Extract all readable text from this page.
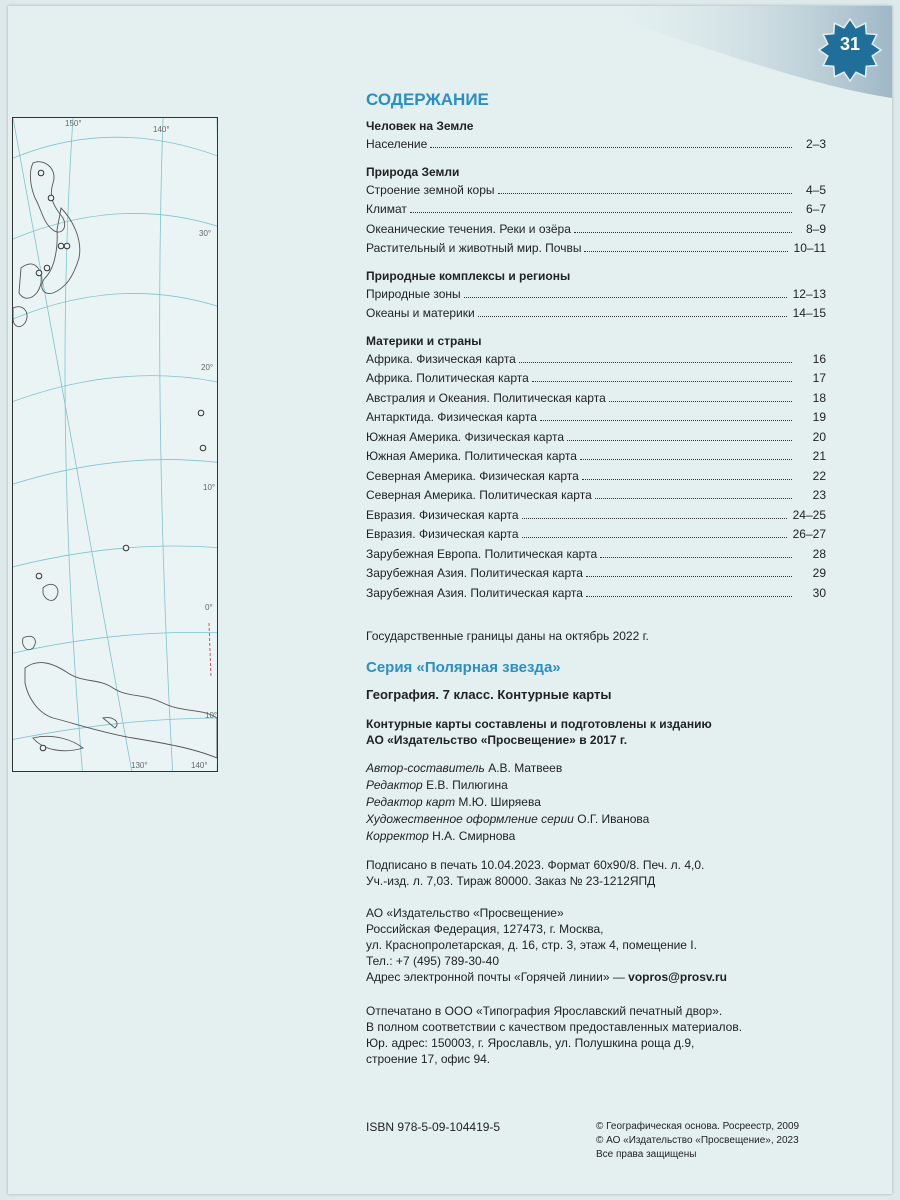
31
150°
140°
30°
20°
10°
0°
10°
130°	140°
СОДЕРЖАНИЕ
Человек на Земле
Население	2–3
Природа Земли
Строение земной коры	4–5
Климат	6–7
Океанические течения. Реки и озёра	8–9
Растительный и животный мир. Почвы	10–11
Природные комплексы и регионы
Природные зоны	12–13
Океаны и материки	14–15
Материки и страны
Африка. Физическая карта	16
Африка. Политическая карта	17
Австралия и Океания. Политическая карта	18
Антарктида. Физическая карта	19
Южная Америка. Физическая карта	20
Южная Америка. Политическая карта	21
Северная Америка. Физическая карта	22
Северная Америка. Политическая карта	23
Евразия. Физическая карта	24–25
Евразия. Физическая карта	26–27
Зарубежная Европа. Политическая карта	28
Зарубежная Азия. Политическая карта	29
Зарубежная Азия. Политическая карта	30
Государственные границы даны на октябрь 2022 г.
Серия «Полярная звезда»
География. 7 класс. Контурные карты
Контурные карты составлены и подготовлены к изданию
АО «Издательство «Просвещение» в 2017 г.
Автор-составитель А.В. Матвеев
Редактор Е.В. Пилюгина
Редактор карт М.Ю. Ширяева
Художественное оформление серии О.Г. Иванова
Корректор Н.А. Смирнова
Подписано в печать 10.04.2023. Формат 60x90/8. Печ. л. 4,0.
Уч.-изд. л. 7,03. Тираж 80000. Заказ № 23-1212ЯПД
АО «Издательство «Просвещение»
Российская Федерация, 127473, г. Москва,
ул. Краснопролетарская, д. 16, стр. 3, этаж 4, помещение I.
Тел.: +7 (495) 789-30-40
Адрес электронной почты «Горячей линии» — vopros@prosv.ru
Отпечатано в ООО «Типография Ярославский печатный двор».
В полном соответствии с качеством предоставленных материалов.
Юр. адрес: 150003, г. Ярославль, ул. Полушкина роща д.9,
строение 17, офис 94.
ISBN 978-5-09-104419-5	© Географическая основа. Росреестр, 2009
© АО «Издательство «Просвещение», 2023
Все права защищены
